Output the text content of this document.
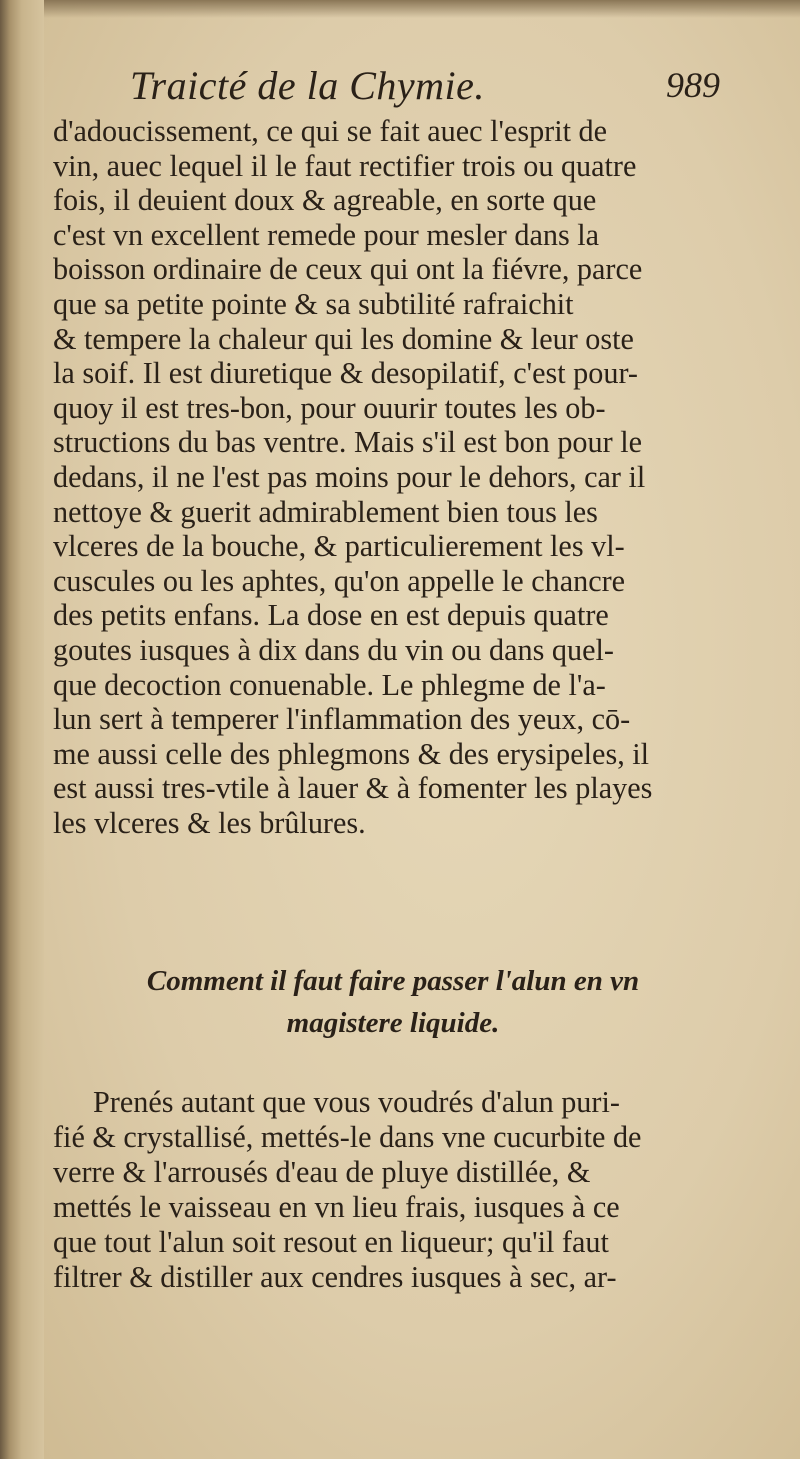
Traicté de la Chymie.	989
d'adoucissement, ce qui se fait auec l'esprit de
vin, auec lequel il le faut rectifier trois ou quatre
fois, il deuient doux & agreable, en sorte que
c'est vn excellent remede pour mesler dans la
boisson ordinaire de ceux qui ont la fiévre, parce
que sa petite pointe & sa subtilité rafraichit
& tempere la chaleur qui les domine & leur oste
la soif. Il est diuretique & desopilatif, c'est pour-
quoy il est tres-bon, pour ouurir toutes les ob-
structions du bas ventre. Mais s'il est bon pour le
dedans, il ne l'est pas moins pour le dehors, car il
nettoye & guerit admirablement bien tous les
vlceres de la bouche, & particulierement les vl-
cuscules ou les aphtes, qu'on appelle le chancre
des petits enfans. La dose en est depuis quatre
goutes iusques à dix dans du vin ou dans quel-
que decoction conuenable. Le phlegme de l'a-
lun sert à temperer l'inflammation des yeux, cō-
me aussi celle des phlegmons & des erysipeles, il
est aussi tres-vtile à lauer & à fomenter les playes
les vlceres & les brûlures.
Comment il faut faire passer l'alun en vn
magistere liquide.
Prenés autant que vous voudrés d'alun puri-
fié & crystallisé, mettés-le dans vne cucurbite de
verre & l'arrousés d'eau de pluye distillée, &
mettés le vaisseau en vn lieu frais, iusques à ce
que tout l'alun soit resout en liqueur; qu'il faut
filtrer & distiller aux cendres iusques à sec, ar-
